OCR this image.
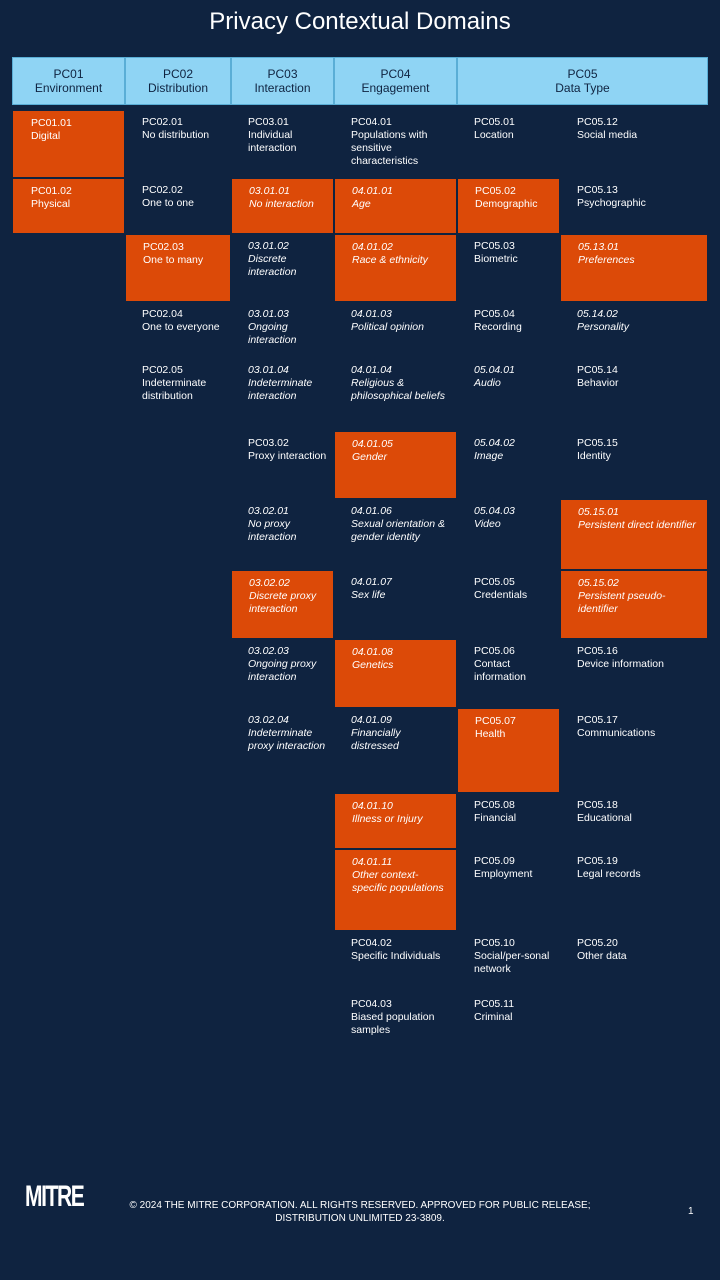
Privacy Contextual Domains
PC01
Environment
PC02
Distribution
PC03
Interaction
PC04
Engagement
PC05
Data Type
PC01.01
Digital
PC01.02
Physical
PC02.01
No distribution
PC02.02
One to one
PC02.03
One to many
PC02.04
One to everyone
PC02.05
Indeterminate distribution
PC03.01
Individual interaction
03.01.01
No interaction
03.01.02
Discrete interaction
03.01.03
Ongoing interaction
03.01.04
Indeterminate interaction
PC03.02
Proxy interaction
03.02.01
No proxy interaction
03.02.02
Discrete proxy interaction
03.02.03
Ongoing proxy interaction
03.02.04
Indeterminate proxy interaction
PC04.01
Populations with sensitive characteristics
04.01.01
Age
04.01.02
Race & ethnicity
04.01.03
Political opinion
04.01.04
Religious & philosophical beliefs
04.01.05
Gender
04.01.06
Sexual orientation & gender identity
04.01.07
Sex life
04.01.08
Genetics
04.01.09
Financially distressed
04.01.10
Illness or Injury
04.01.11
Other context-specific populations
PC04.02
Specific Individuals
PC04.03
Biased population samples
PC05.01
Location
PC05.02
Demographic
PC05.03
Biometric
PC05.04
Recording
05.04.01
Audio
05.04.02
Image
05.04.03
Video
PC05.05
Credentials
PC05.06
Contact information
PC05.07
Health
PC05.08
Financial
PC05.09
Employment
PC05.10
Social/per-sonal network
PC05.11
Criminal
PC05.12
Social media
PC05.13
Psychographic
05.13.01
Preferences
05.14.02
Personality
PC05.14
Behavior
PC05.15
Identity
05.15.01
Persistent direct identifier
05.15.02
Persistent pseudo-identifier
PC05.16
Device information
PC05.17
Communications
PC05.18
Educational
PC05.19
Legal records
PC05.20
Other data
MITRE	© 2024 THE MITRE CORPORATION. ALL RIGHTS RESERVED. APPROVED FOR PUBLIC RELEASE; DISTRIBUTION UNLIMITED 23-3809.
1
